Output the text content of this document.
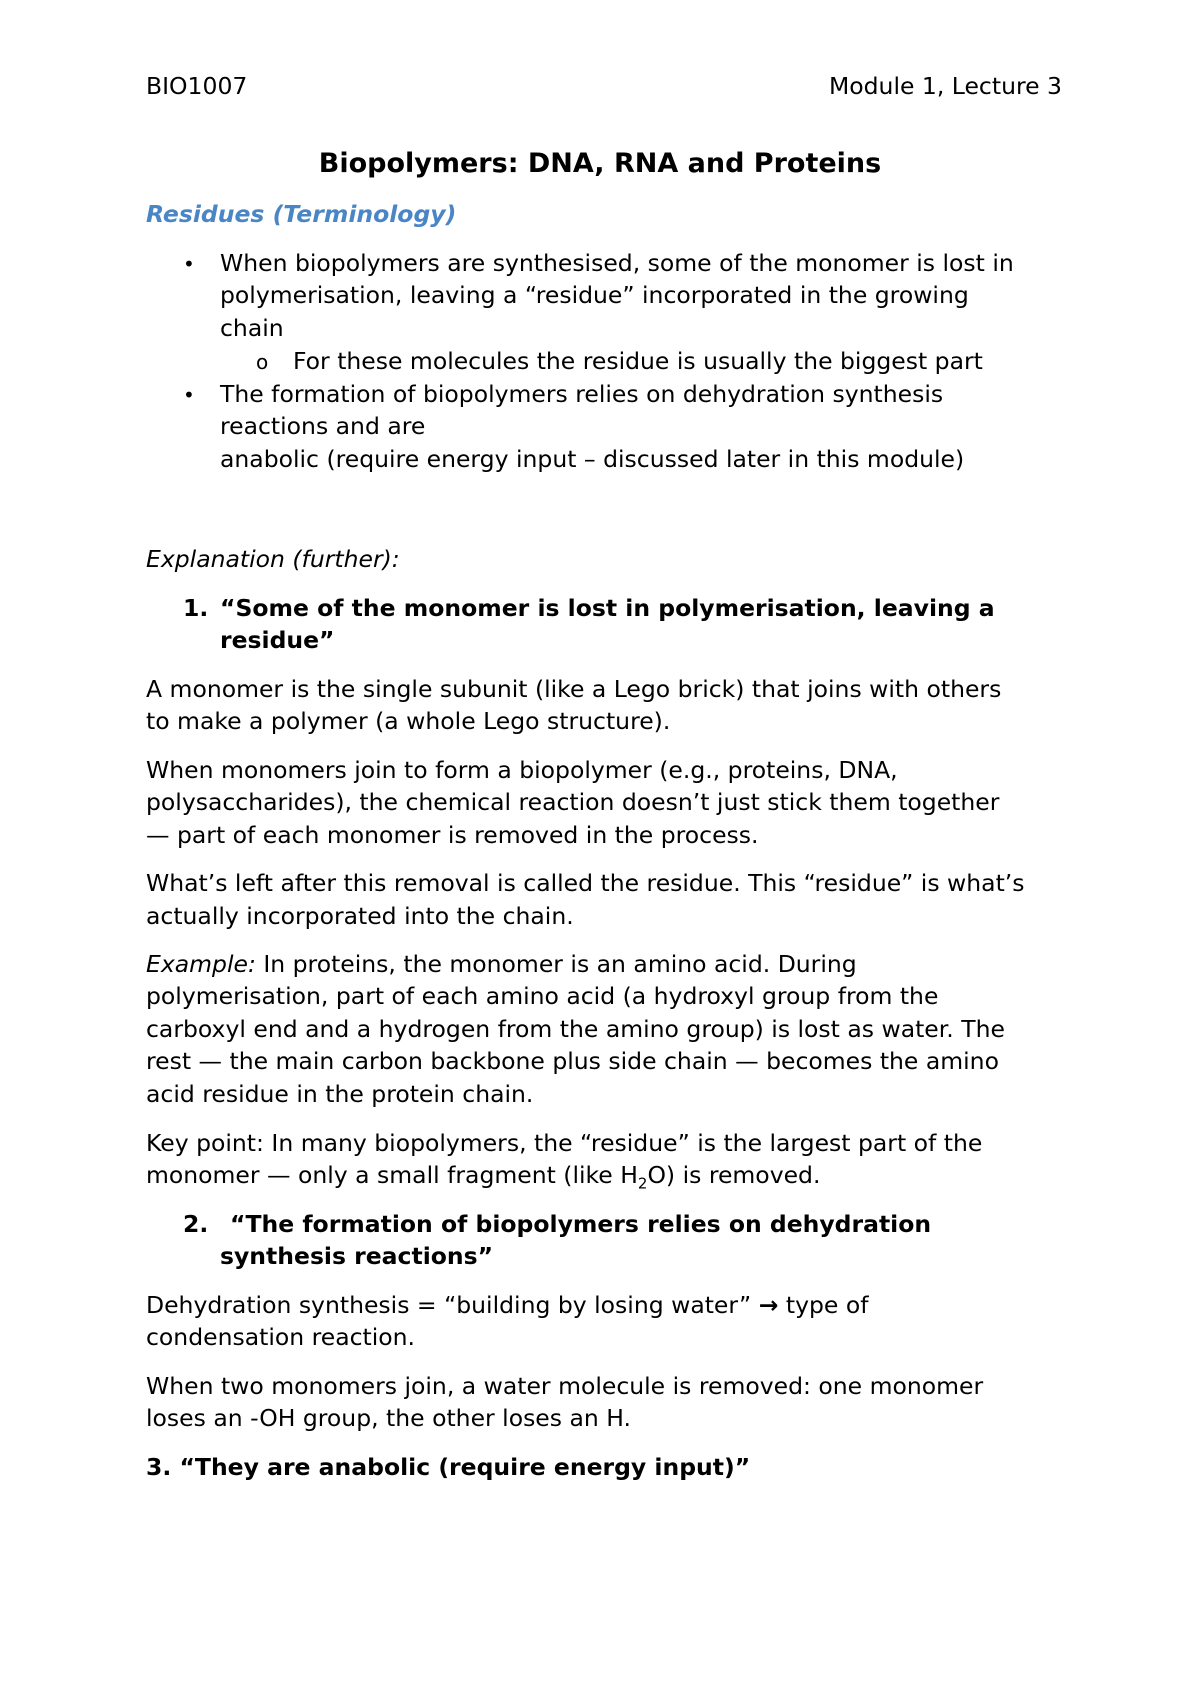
BIO1007	Module 1, Lecture 3
Biopolymers: DNA, RNA and Proteins
Residues (Terminology)
• When biopolymers are synthesised, some of the monomer is lost in
polymerisation, leaving a “residue” incorporated in the growing
chain
o For these molecules the residue is usually the biggest part
• The formation of biopolymers relies on dehydration synthesis
reactions and are
anabolic (require energy input – discussed later in this module)
Explanation (further):
1. “Some of the monomer is lost in polymerisation, leaving a
residue”
A monomer is the single subunit (like a Lego brick) that joins with others
to make a polymer (a whole Lego structure).
When monomers join to form a biopolymer (e.g., proteins, DNA,
polysaccharides), the chemical reaction doesn’t just stick them together
— part of each monomer is removed in the process.
What’s left after this removal is called the residue. This “residue” is what’s
actually incorporated into the chain.
Example: In proteins, the monomer is an amino acid. During
polymerisation, part of each amino acid (a hydroxyl group from the
carboxyl end and a hydrogen from the amino group) is lost as water. The
rest — the main carbon backbone plus side chain — becomes the amino
acid residue in the protein chain.
Key point: In many biopolymers, the “residue” is the largest part of the
monomer — only a small fragment (like $H_2O$) is removed.
2. “The formation of biopolymers relies on dehydration
synthesis reactions”
Dehydration synthesis = “building by losing water” → type of
condensation reaction.
When two monomers join, a water molecule is removed: one monomer
loses an -OH group, the other loses an H.
3. “They are anabolic (require energy input)”
